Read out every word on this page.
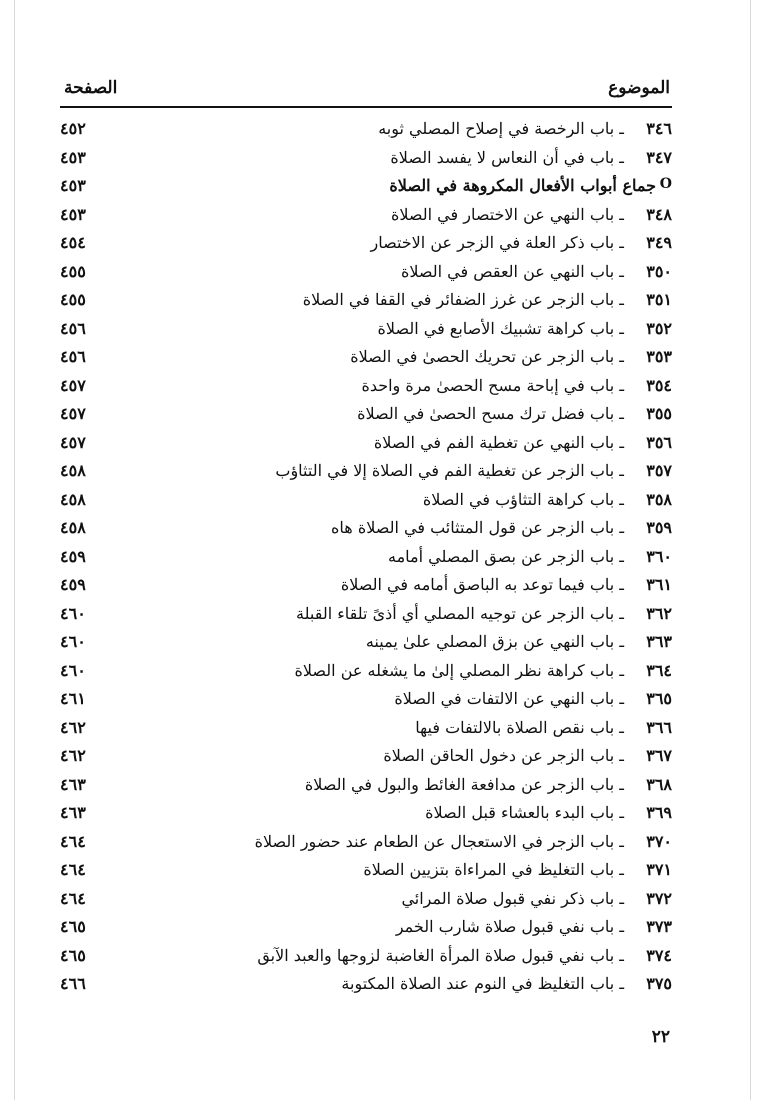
الموضوع
الصفحة
٣٤٦
ـ باب الرخصة في إصلاح المصلي ثوبه
٤٥٢
٣٤٧
ـ باب في أن النعاس لا يفسد الصلاة
٤٥٣
O
جماع أبواب الأفعال المكروهة في الصلاة
٤٥٣
٣٤٨
ـ باب النهي عن الاختصار في الصلاة
٤٥٣
٣٤٩
ـ باب ذكر العلة في الزجر عن الاختصار
٤٥٤
٣٥٠
ـ باب النهي عن العقص في الصلاة
٤٥٥
٣٥١
ـ باب الزجر عن غرز الضفائر في القفا في الصلاة
٤٥٥
٣٥٢
ـ باب كراهة تشبيك الأصابع في الصلاة
٤٥٦
٣٥٣
ـ باب الزجر عن تحريك الحصىٰ في الصلاة
٤٥٦
٣٥٤
ـ باب في إباحة مسح الحصىٰ مرة واحدة
٤٥٧
٣٥٥
ـ باب فضل ترك مسح الحصىٰ في الصلاة
٤٥٧
٣٥٦
ـ باب النهي عن تغطية الفم في الصلاة
٤٥٧
٣٥٧
ـ باب الزجر عن تغطية الفم في الصلاة إلا في التثاؤب
٤٥٨
٣٥٨
ـ باب كراهة التثاؤب في الصلاة
٤٥٨
٣٥٩
ـ باب الزجر عن قول المتثائب في الصلاة هاه
٤٥٨
٣٦٠
ـ باب الزجر عن بصق المصلي أمامه
٤٥٩
٣٦١
ـ باب فيما توعد به الباصق أمامه في الصلاة
٤٥٩
٣٦٢
ـ باب الزجر عن توجيه المصلي أي أذىً تلقاء القبلة
٤٦٠
٣٦٣
ـ باب النهي عن بزق المصلي علىٰ يمينه
٤٦٠
٣٦٤
ـ باب كراهة نظر المصلي إلىٰ ما يشغله عن الصلاة
٤٦٠
٣٦٥
ـ باب النهي عن الالتفات في الصلاة
٤٦١
٣٦٦
ـ باب نقص الصلاة بالالتفات فيها
٤٦٢
٣٦٧
ـ باب الزجر عن دخول الحاقن الصلاة
٤٦٢
٣٦٨
ـ باب الزجر عن مدافعة الغائط والبول في الصلاة
٤٦٣
٣٦٩
ـ باب البدء بالعشاء قبل الصلاة
٤٦٣
٣٧٠
ـ باب الزجر في الاستعجال عن الطعام عند حضور الصلاة
٤٦٤
٣٧١
ـ باب التغليظ في المراءاة بتزيين الصلاة
٤٦٤
٣٧٢
ـ باب ذكر نفي قبول صلاة المرائي
٤٦٤
٣٧٣
ـ باب نفي قبول صلاة شارب الخمر
٤٦٥
٣٧٤
ـ باب نفي قبول صلاة المرأة الغاضبة لزوجها والعبد الآبق
٤٦٥
٣٧٥
ـ باب التغليظ في النوم عند الصلاة المكتوبة
٤٦٦
٢٢
